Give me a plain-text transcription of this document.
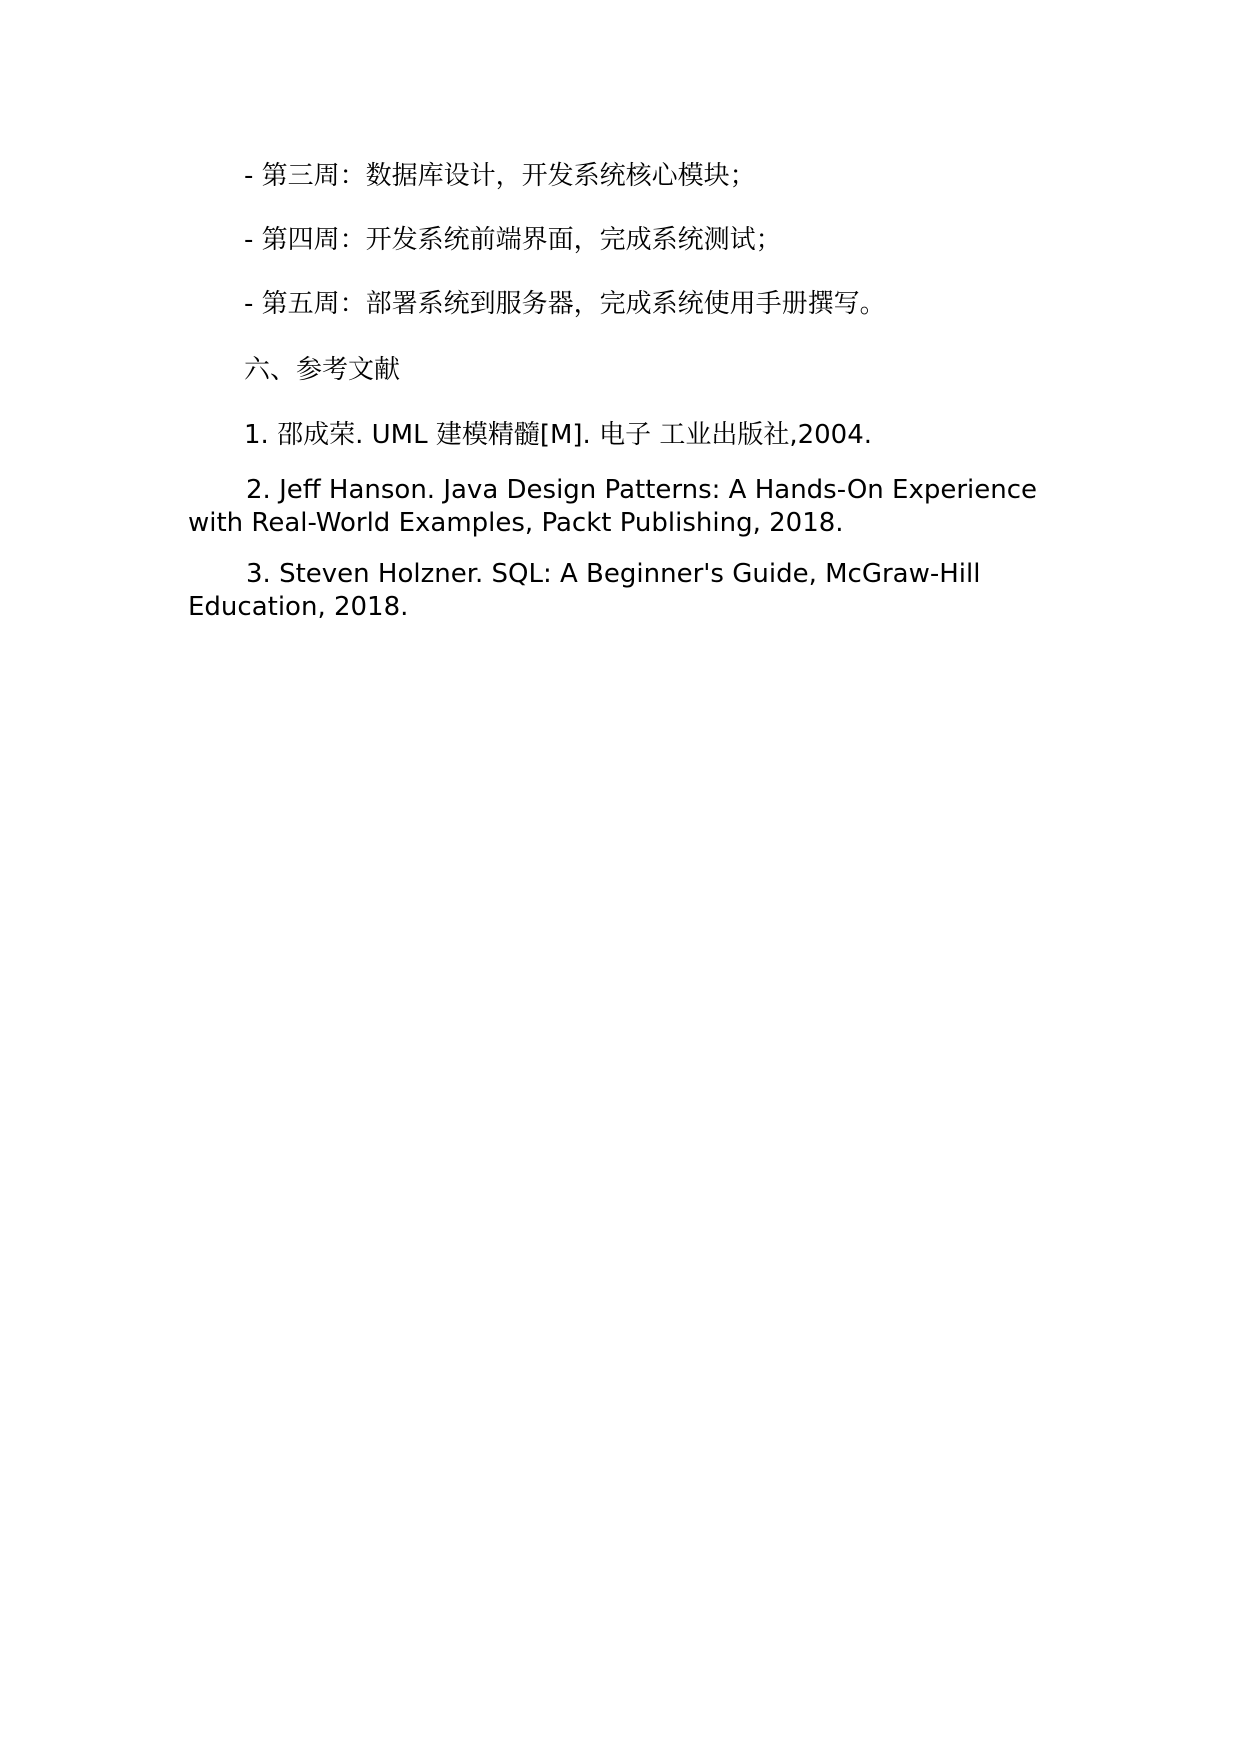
- 第三周：数据库设计，开发系统核心模块；
- 第四周：开发系统前端界面，完成系统测试；
- 第五周：部署系统到服务器，完成系统使用手册撰写。
六、参考文献
1. 邵成荣. UML 建模精髓[M]. 电子 工业出版社,2004.
2. Jeff Hanson. Java Design Patterns: A Hands-On Experience with Real-World Examples, Packt Publishing, 2018.
3. Steven Holzner. SQL: A Beginner's Guide, McGraw-Hill Education, 2018.
